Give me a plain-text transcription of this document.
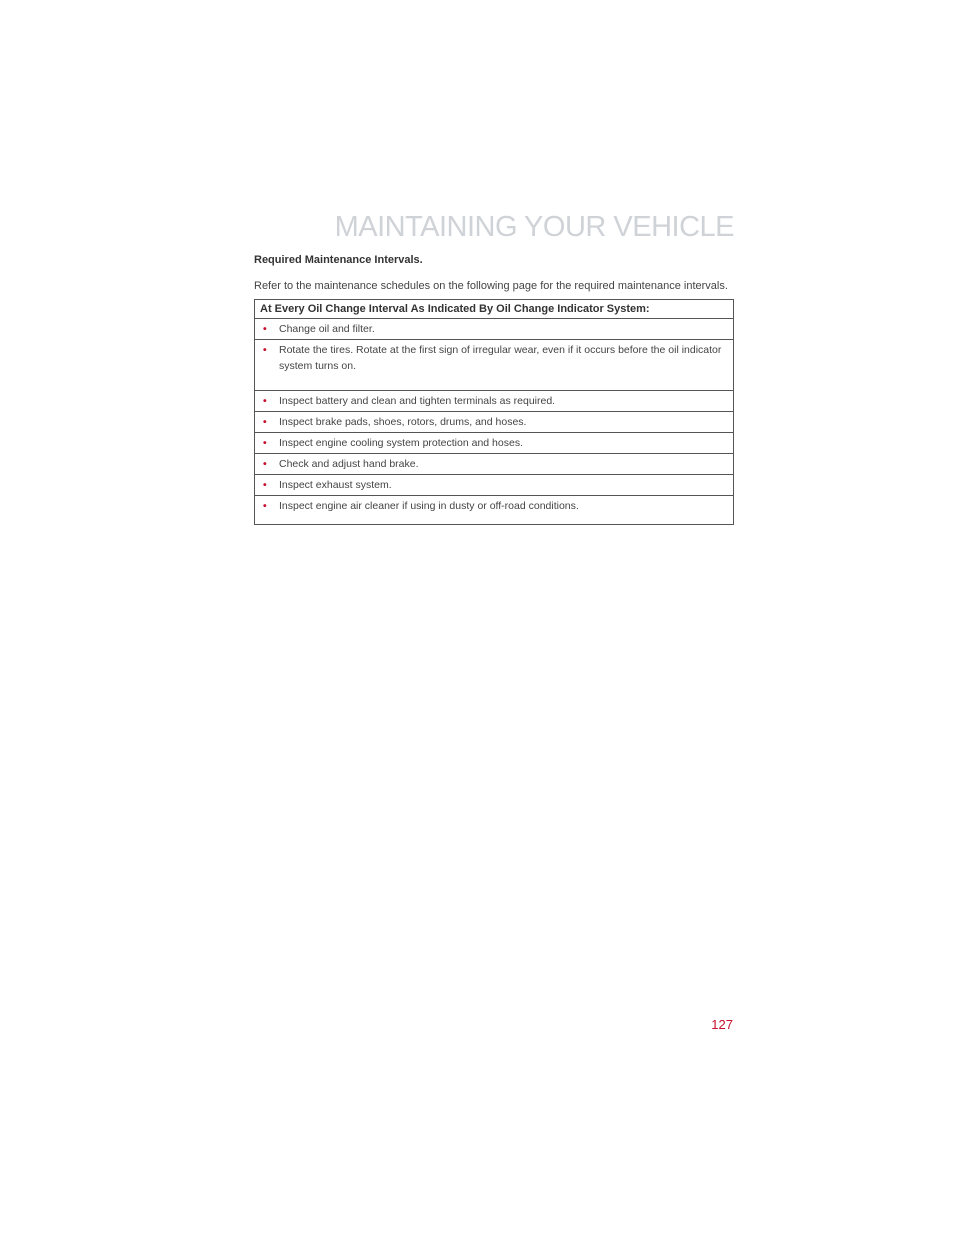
MAINTAINING YOUR VEHICLE

Required Maintenance Intervals.

Refer to the maintenance schedules on the following page for the required maintenance intervals.

At Every Oil Change Interval As Indicated By Oil Change Indicator System:

• Change oil and filter.

• Rotate the tires. Rotate at the first sign of irregular wear, even if it occurs before the oil indicator system turns on.

• Inspect battery and clean and tighten terminals as required.

• Inspect brake pads, shoes, rotors, drums, and hoses.

• Inspect engine cooling system protection and hoses.

• Check and adjust hand brake.

• Inspect exhaust system.

• Inspect engine air cleaner if using in dusty or off-road conditions.
127
